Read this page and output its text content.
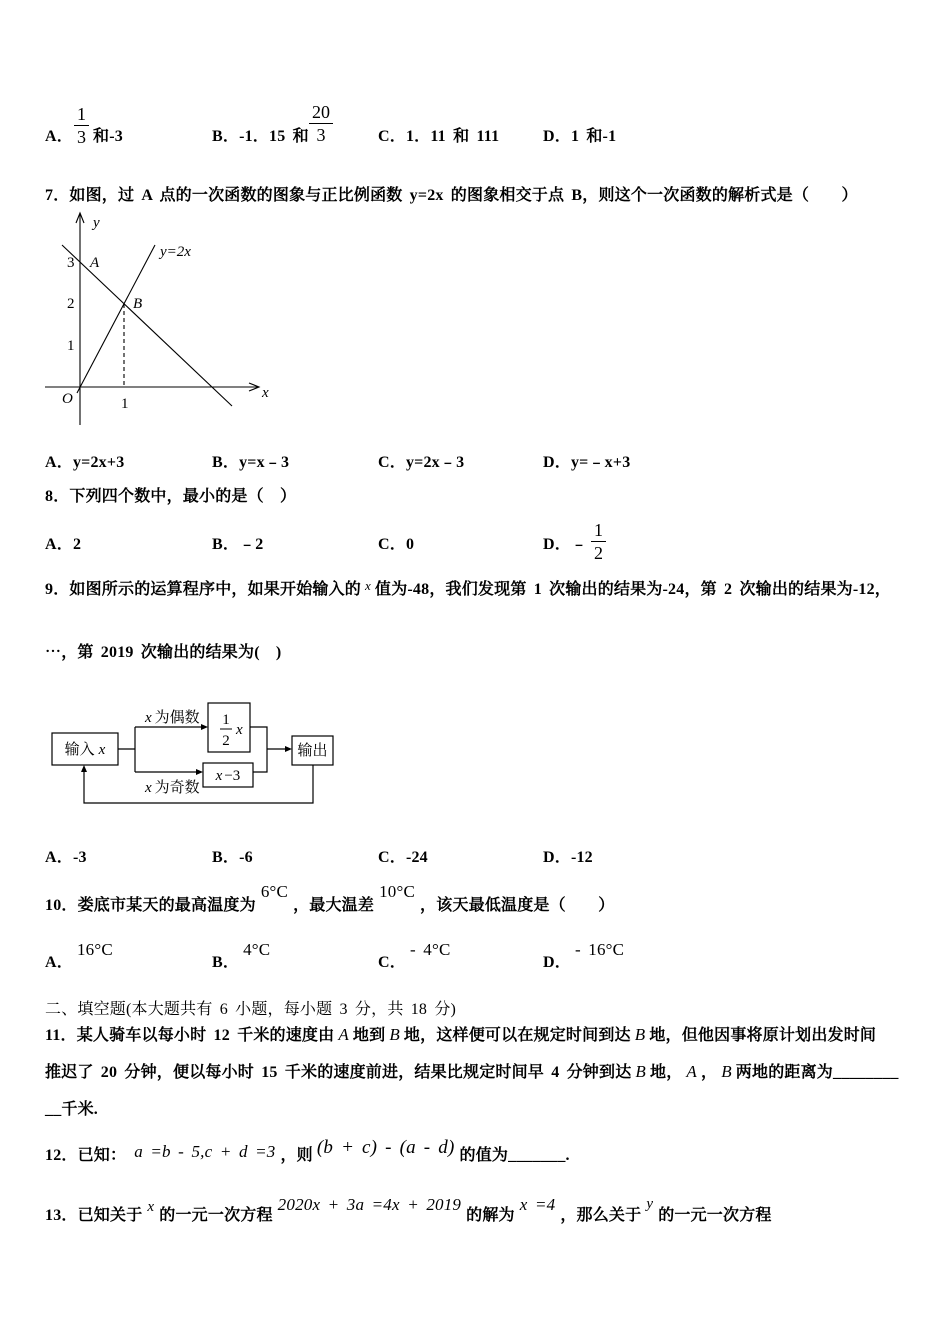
A． $\frac{1}{3}$ 和-3	B．-1．15 和 $\frac{20}{3}$	C．1．11 和 111	D．1 和-1
7．如图，过 A 点的一次函数的图象与正比例函数 y=2x 的图象相交于点 B，则这个一次函数的解析式是（　　）
y
x
O
3
2
1
1
A
B
y=2x
A．y=2x+3	B．y=x﹣3	C．y=2x﹣3	D．y=﹣x+3
8．下列四个数中，最小的是（　）
A．2	B．﹣2	C．0	D．﹣ $\frac{1}{2}$
9．如图所示的运算程序中，如果开始输入的 $^x$ 值为-48，我们发现第 1 次输出的结果为-24，第 2 次输出的结果为-12，
⋯，第 2019 次输出的结果为(　)
输入 x
x 为偶数
x 为奇数
1
2
x
x −3
输出
A．-3	B．-6	C．-24	D．-12
10．娄底市某天的最高温度为6°C，最大温差10°C，该天最低温度是（　　）
A．16°C
B．4°C
C．- 4°C
D．- 16°C
二、填空题(本大题共有 6 小题，每小题 3 分，共 18 分)
11．某人骑车以每小时 12 千米的速度由 A 地到 B 地，这样便可以在规定时间到达 B 地，但他因事将原计划出发时间
推迟了 20 分钟，便以每小时 15 千米的速度前进，结果比规定时间早 4 分钟到达 B 地， A ， B 两地的距离为________
__千米.
12．已知： a =b - 5,c + d =3 ，则 (b + c) - (a - d) 的值为_______.
13．已知关于 x 的一元一次方程2020x + 3a =4x + 2019的解为x =4，那么关于y的一元一次方程
